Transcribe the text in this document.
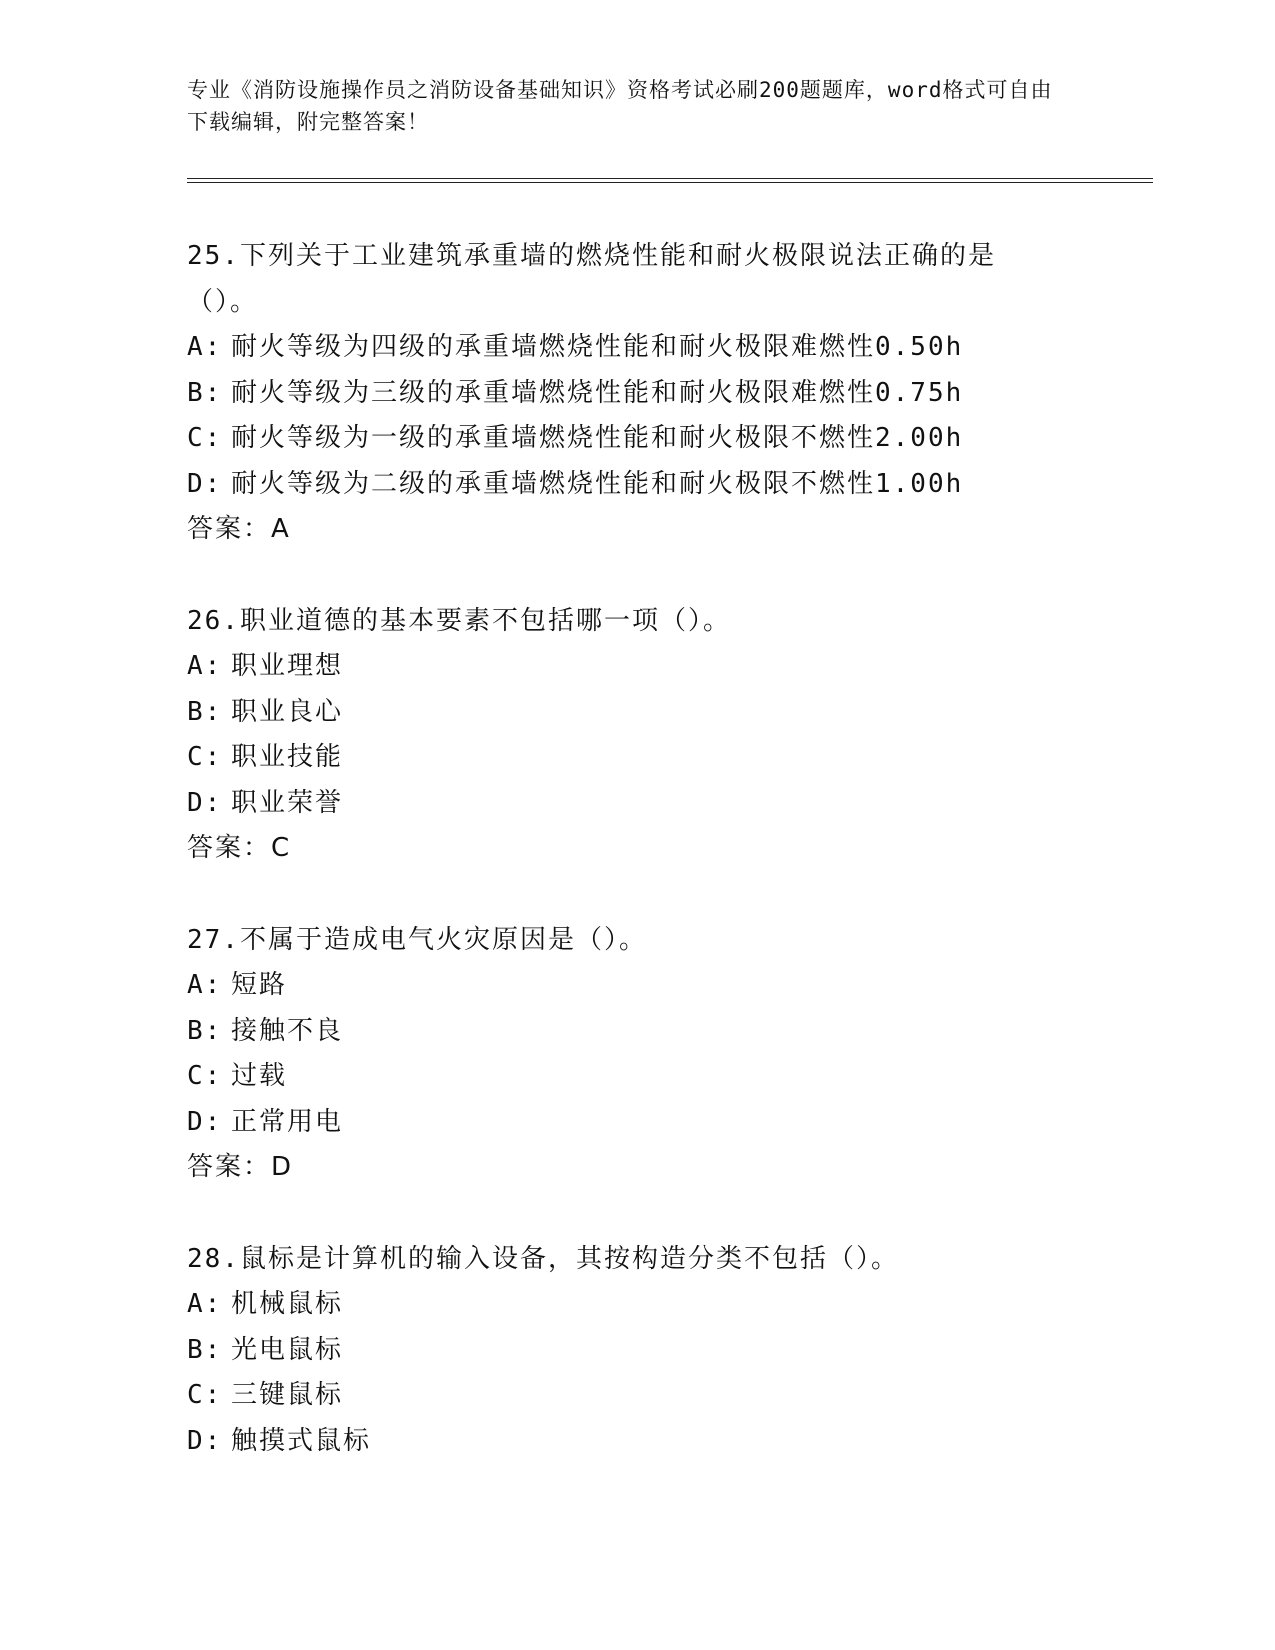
专业《消防设施操作员之消防设备基础知识》资格考试必刷200题题库，word格式可自由下载编辑，附完整答案！
25.下列关于工业建筑承重墙的燃烧性能和耐火极限说法正确的是（）。
A: 耐火等级为四级的承重墙燃烧性能和耐火极限难燃性0.50h
B: 耐火等级为三级的承重墙燃烧性能和耐火极限难燃性0.75h
C: 耐火等级为一级的承重墙燃烧性能和耐火极限不燃性2.00h
D: 耐火等级为二级的承重墙燃烧性能和耐火极限不燃性1.00h
答案：A
26.职业道德的基本要素不包括哪一项（）。
A: 职业理想
B: 职业良心
C: 职业技能
D: 职业荣誉
答案：C
27.不属于造成电气火灾原因是（）。
A: 短路
B: 接触不良
C: 过载
D: 正常用电
答案：D
28.鼠标是计算机的输入设备，其按构造分类不包括（）。
A: 机械鼠标
B: 光电鼠标
C: 三键鼠标
D: 触摸式鼠标
